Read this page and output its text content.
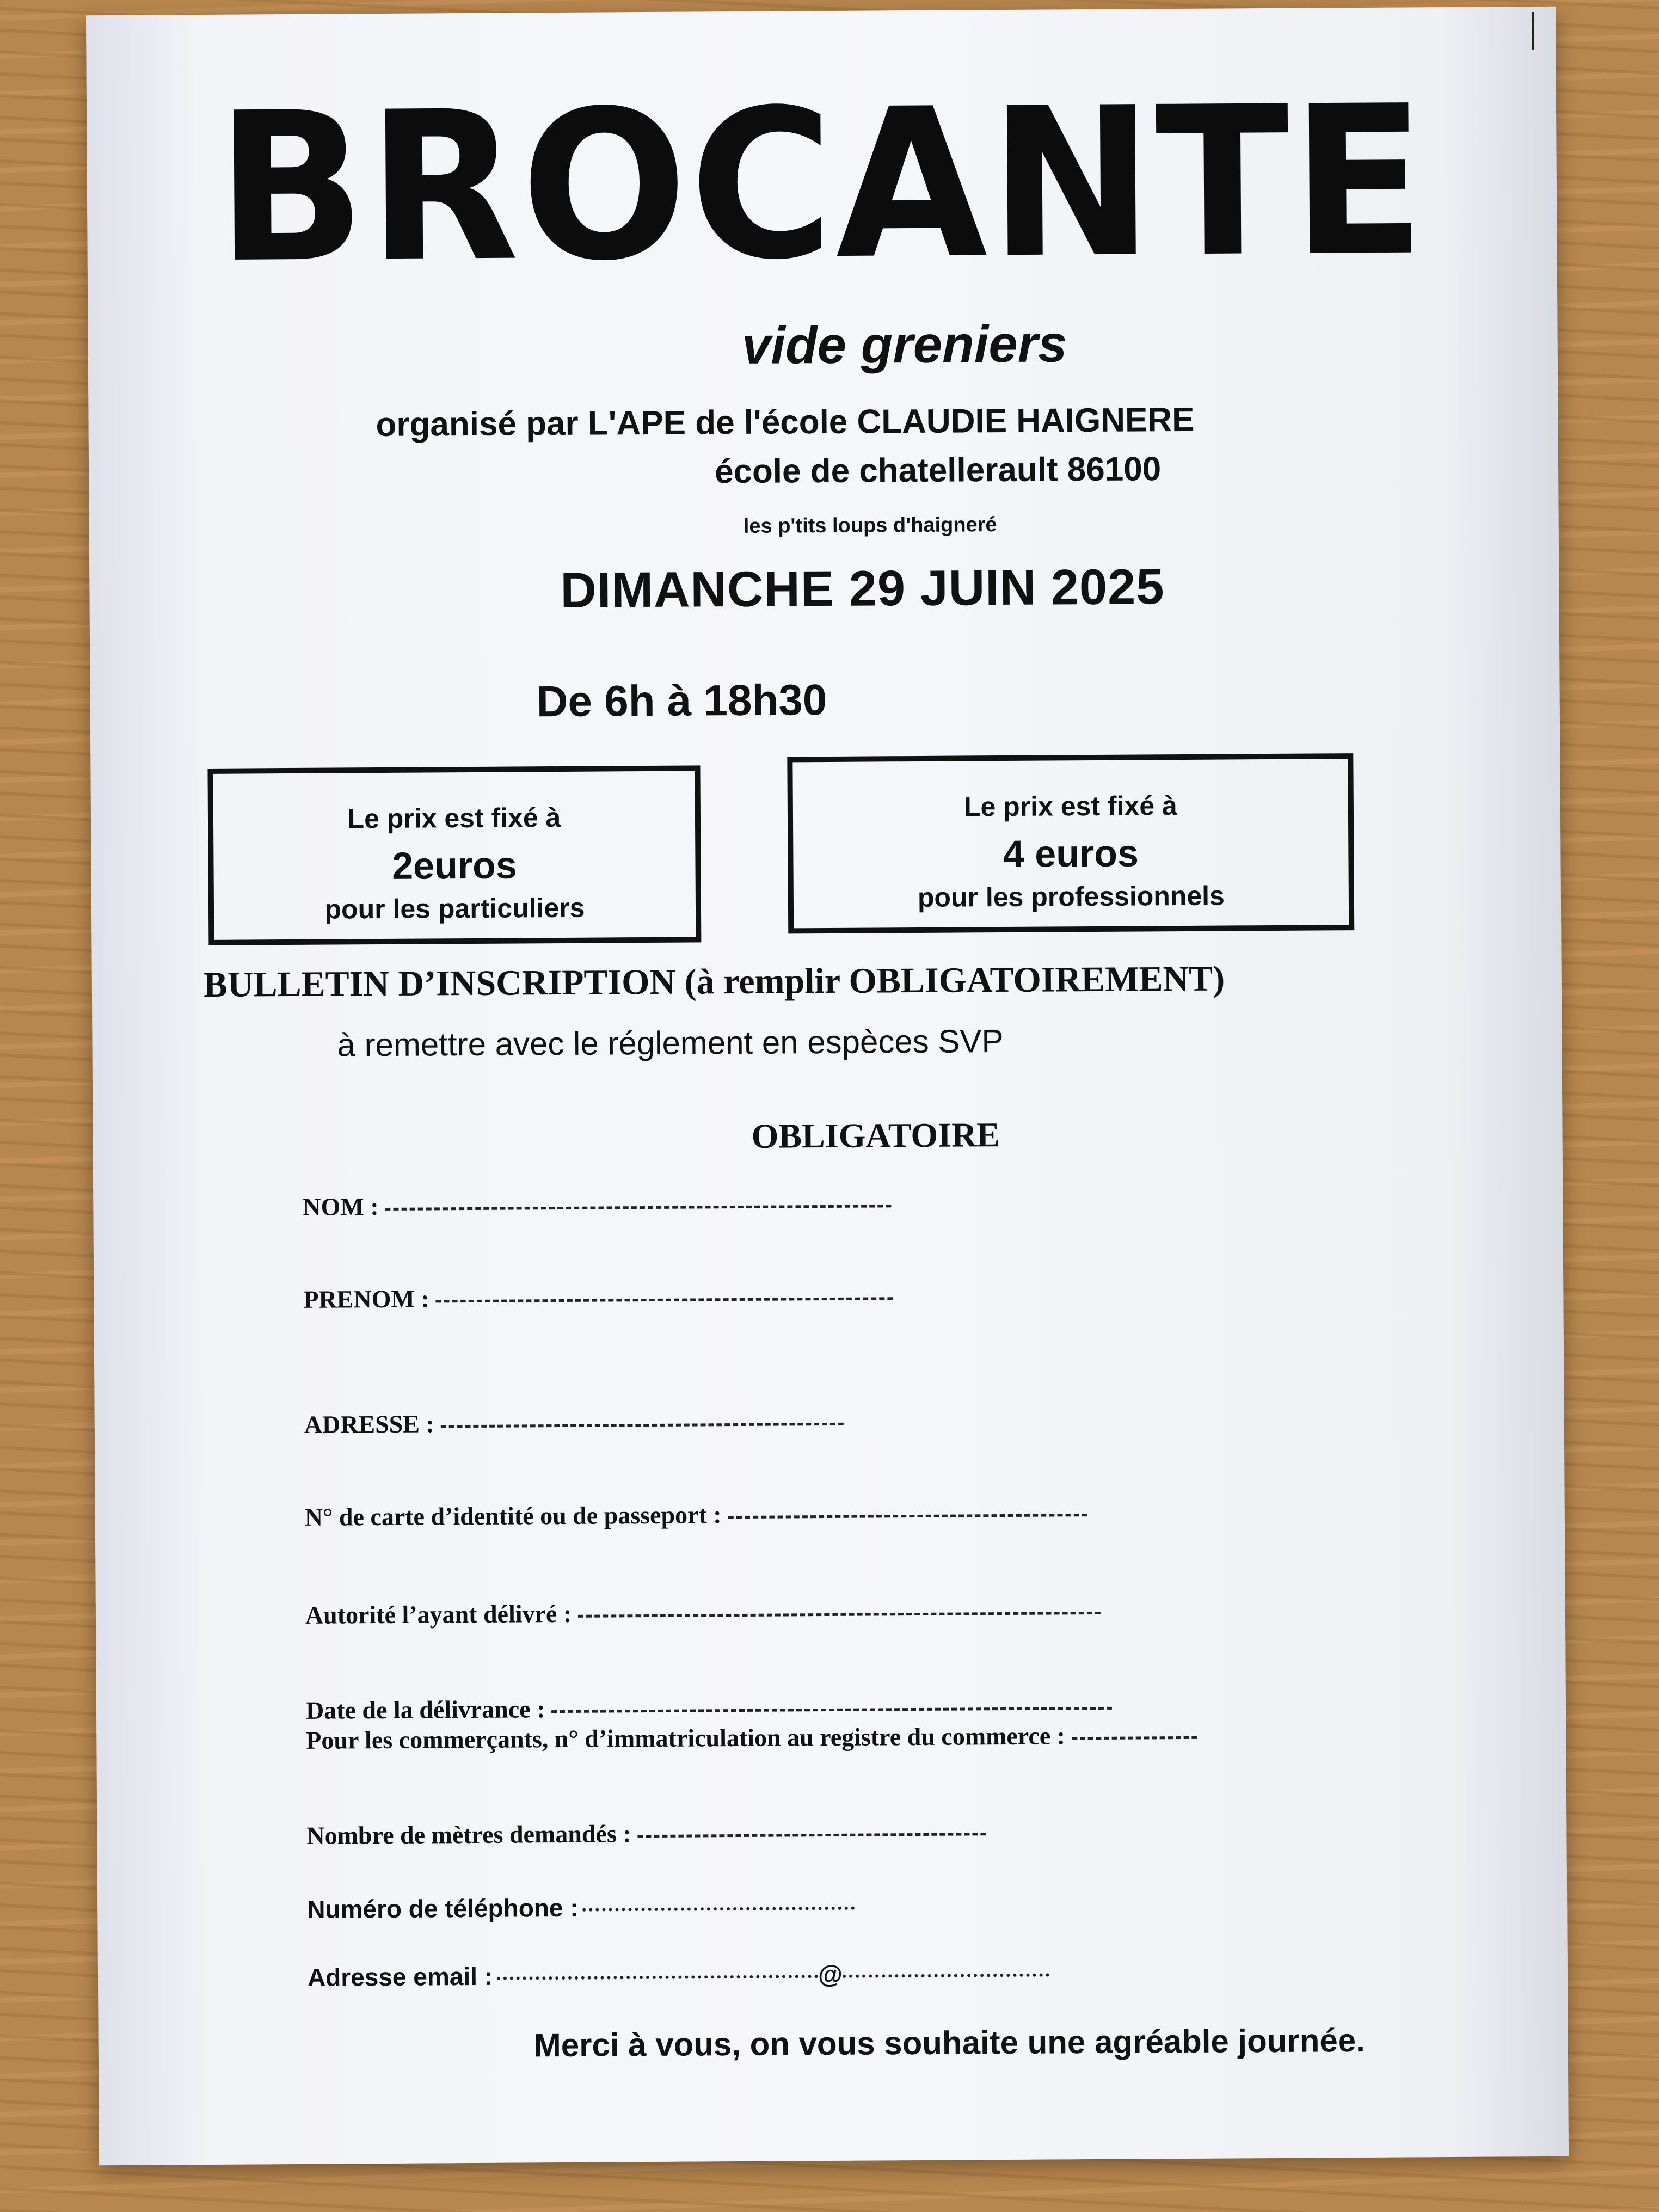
BROCANTE
vide greniers
organisé par L'APE de l'école CLAUDIE HAIGNERE
école de chatellerault 86100
les p'tits loups d'haigneré
DIMANCHE 29 JUIN 2025
De 6h à 18h30
Le prix est fixé à
2euros
pour les particuliers
Le prix est fixé à
4 euros
pour les professionnels
BULLETIN D’INSCRIPTION (à remplir OBLIGATOIREMENT)
à remettre avec le réglement en espèces SVP
OBLIGATOIRE
NOM :
PRENOM :
ADRESSE :
N° de carte d’identité ou de passeport :
Autorité l’ayant délivré :
Date de la délivrance :
Pour les commerçants, n° d’immatriculation au registre du commerce :
Nombre de mètres demandés :
Numéro de téléphone :
Adresse email :	@
Merci à vous, on vous souhaite une agréable journée.
